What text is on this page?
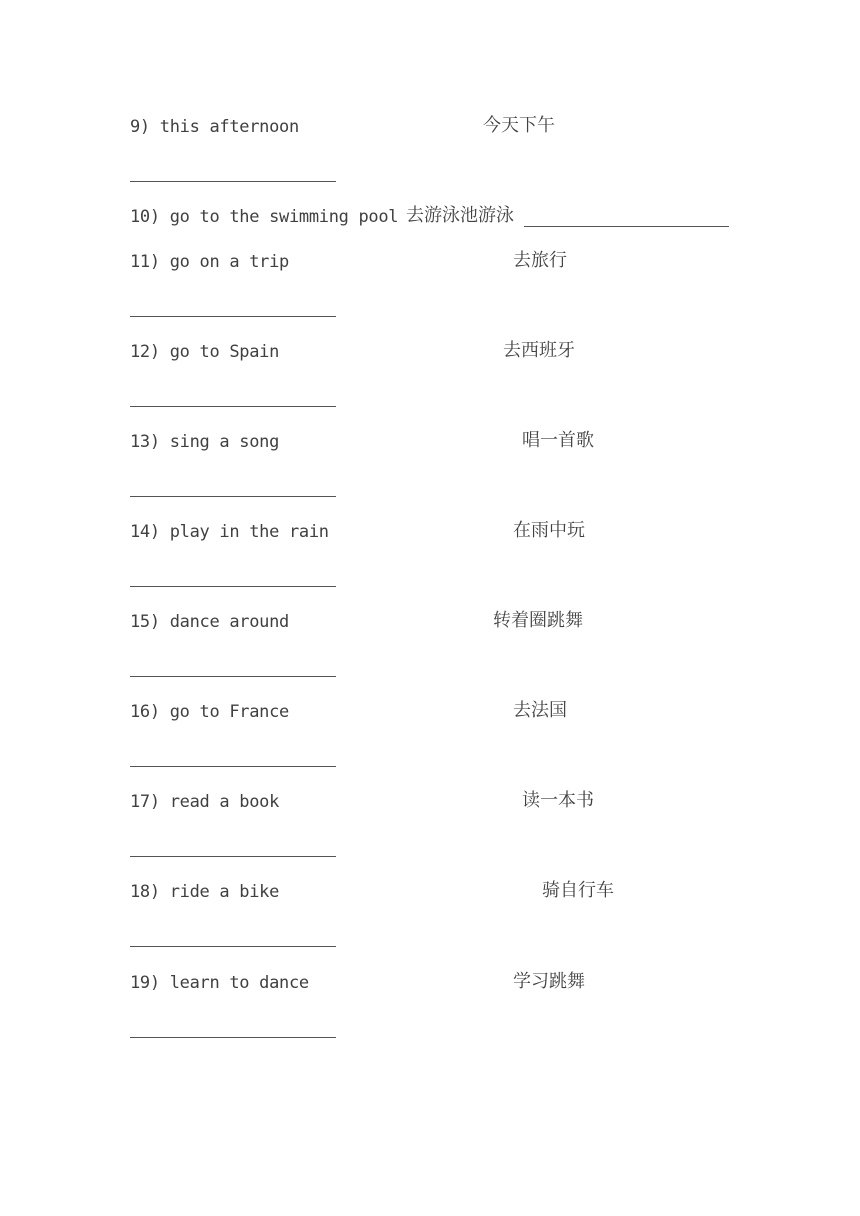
9) this afternoon	今天下午
10) go to the swimming pool 去游泳池游泳
11) go on a trip	去旅行
12) go to Spain	去西班牙
13) sing a song	唱一首歌
14) play in the rain	在雨中玩
15) dance around	转着圈跳舞
16) go to France	去法国
17) read a book	读一本书
18) ride a bike	骑自行车
19) learn to dance	学习跳舞
